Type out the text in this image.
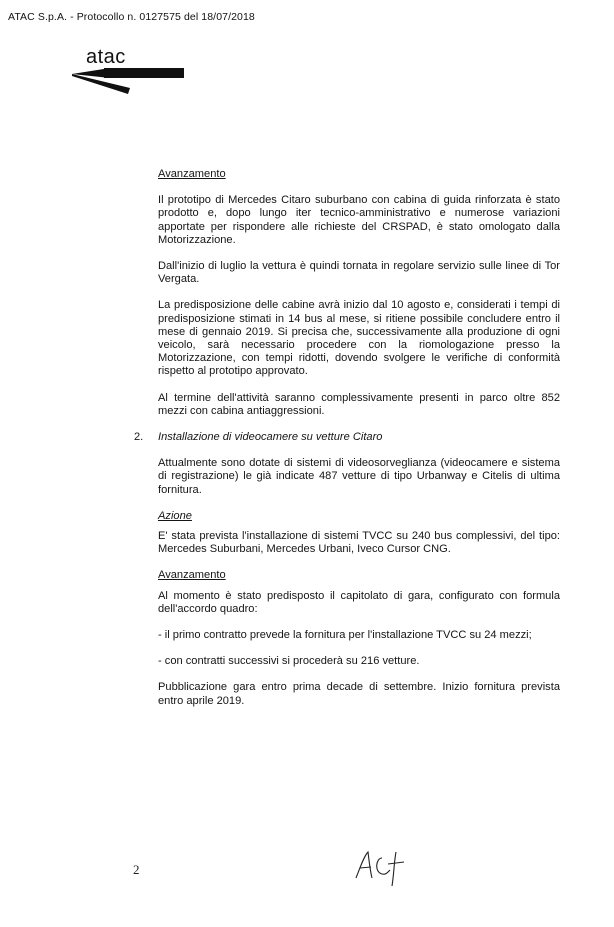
ATAC S.p.A. - Protocollo n. 0127575 del 18/07/2018
atac

Avanzamento

Il prototipo di Mercedes Citaro suburbano con cabina di guida rinforzata è stato prodotto e, dopo lungo iter tecnico-amministrativo e numerose variazioni apportate per rispondere alle richieste del CRSPAD, è stato omologato dalla Motorizzazione.

Dall'inizio di luglio la vettura è quindi tornata in regolare servizio sulle linee di Tor Vergata.

La predisposizione delle cabine avrà inizio dal 10 agosto e, considerati i tempi di predisposizione stimati in 14 bus al mese, si ritiene possibile concludere entro il mese di gennaio 2019. Si precisa che, successivamente alla produzione di ogni veicolo, sarà necessario procedere con la riomologazione presso la Motorizzazione, con tempi ridotti, dovendo svolgere le verifiche di conformità rispetto al prototipo approvato.

Al termine dell'attività saranno complessivamente presenti in parco oltre 852 mezzi con cabina antiaggressioni.

2. Installazione di videocamere su vetture Citaro

Attualmente sono dotate di sistemi di videosorveglianza (videocamere e sistema di registrazione) le già indicate 487 vetture di tipo Urbanway e Citelis di ultima fornitura.

Azione

E' stata prevista l'installazione di sistemi TVCC su 240 bus complessivi, del tipo: Mercedes Suburbani, Mercedes Urbani, Iveco Cursor CNG.

Avanzamento

Al momento è stato predisposto il capitolato di gara, configurato con formula dell'accordo quadro:

- il primo contratto prevede la fornitura per l'installazione TVCC su 24 mezzi;

- con contratti successivi si procederà su 216 vetture.

Pubblicazione gara entro prima decade di settembre. Inizio fornitura prevista entro aprile 2019.

2
